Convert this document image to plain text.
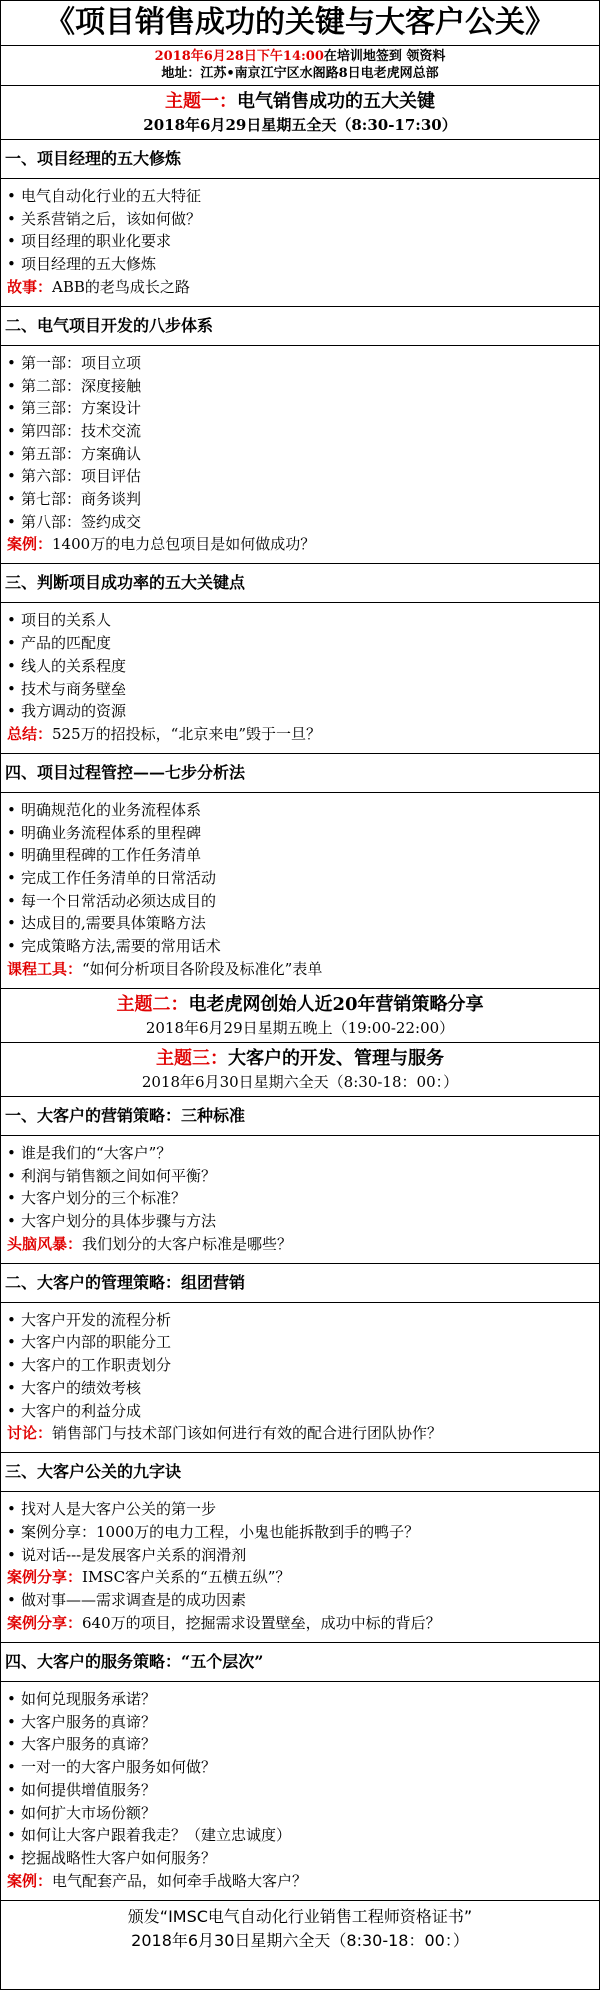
《项目销售成功的关键与大客户公关》
2018年6月28日下午14:00在培训地签到 领资料
地址：江苏•南京江宁区水阁路8日电老虎网总部
主题一：电气销售成功的五大关键
2018年6月29日星期五全天（8:30-17:30）
一、项目经理的五大修炼
• 电气自动化行业的五大特征
• 关系营销之后，该如何做？
• 项目经理的职业化要求
• 项目经理的五大修炼
故事：ABB的老鸟成长之路
二、电气项目开发的八步体系
• 第一部：项目立项
• 第二部：深度接触
• 第三部：方案设计
• 第四部：技术交流
• 第五部：方案确认
• 第六部：项目评估
• 第七部：商务谈判
• 第八部：签约成交
案例：1400万的电力总包项目是如何做成功？
三、判断项目成功率的五大关键点
• 项目的关系人
• 产品的匹配度
• 线人的关系程度
• 技术与商务壁垒
• 我方调动的资源
总结：525万的招投标，“北京来电”毁于一旦？
四、项目过程管控——七步分析法
• 明确规范化的业务流程体系
• 明确业务流程体系的里程碑
• 明确里程碑的工作任务清单
• 完成工作任务清单的日常活动
• 每一个日常活动必须达成目的
• 达成目的,需要具体策略方法
• 完成策略方法,需要的常用话术
课程工具：“如何分析项目各阶段及标准化”表单
主题二：电老虎网创始人近20年营销策略分享
2018年6月29日星期五晚上（19:00-22:00）
主题三：大客户的开发、管理与服务
2018年6月30日星期六全天（8:30-18：00：）
一、大客户的营销策略：三种标准
• 谁是我们的“大客户”？
• 利润与销售额之间如何平衡？
• 大客户划分的三个标准？
• 大客户划分的具体步骤与方法
头脑风暴：我们划分的大客户标准是哪些？
二、大客户的管理策略：组团营销
• 大客户开发的流程分析
• 大客户内部的职能分工
• 大客户的工作职责划分
• 大客户的绩效考核
• 大客户的利益分成
讨论：销售部门与技术部门该如何进行有效的配合进行团队协作？
三、大客户公关的九字诀
• 找对人是大客户公关的第一步
• 案例分享：1000万的电力工程，小鬼也能拆散到手的鸭子？
• 说对话---是发展客户关系的润滑剂
案例分享：IMSC客户关系的“五横五纵”？
• 做对事——需求调查是的成功因素
案例分享：640万的项目，挖掘需求设置壁垒，成功中标的背后？
四、大客户的服务策略：“五个层次”
• 如何兑现服务承诺？
• 大客户服务的真谛？
• 大客户服务的真谛？
• 一对一的大客户服务如何做？
• 如何提供增值服务？
• 如何扩大市场份额？
• 如何让大客户跟着我走？（建立忠诚度）
• 挖掘战略性大客户如何服务？
案例：电气配套产品，如何牵手战略大客户？
颁发“IMSC电气自动化行业销售工程师资格证书”
2018年6月30日星期六全天（8:30-18：00：）
